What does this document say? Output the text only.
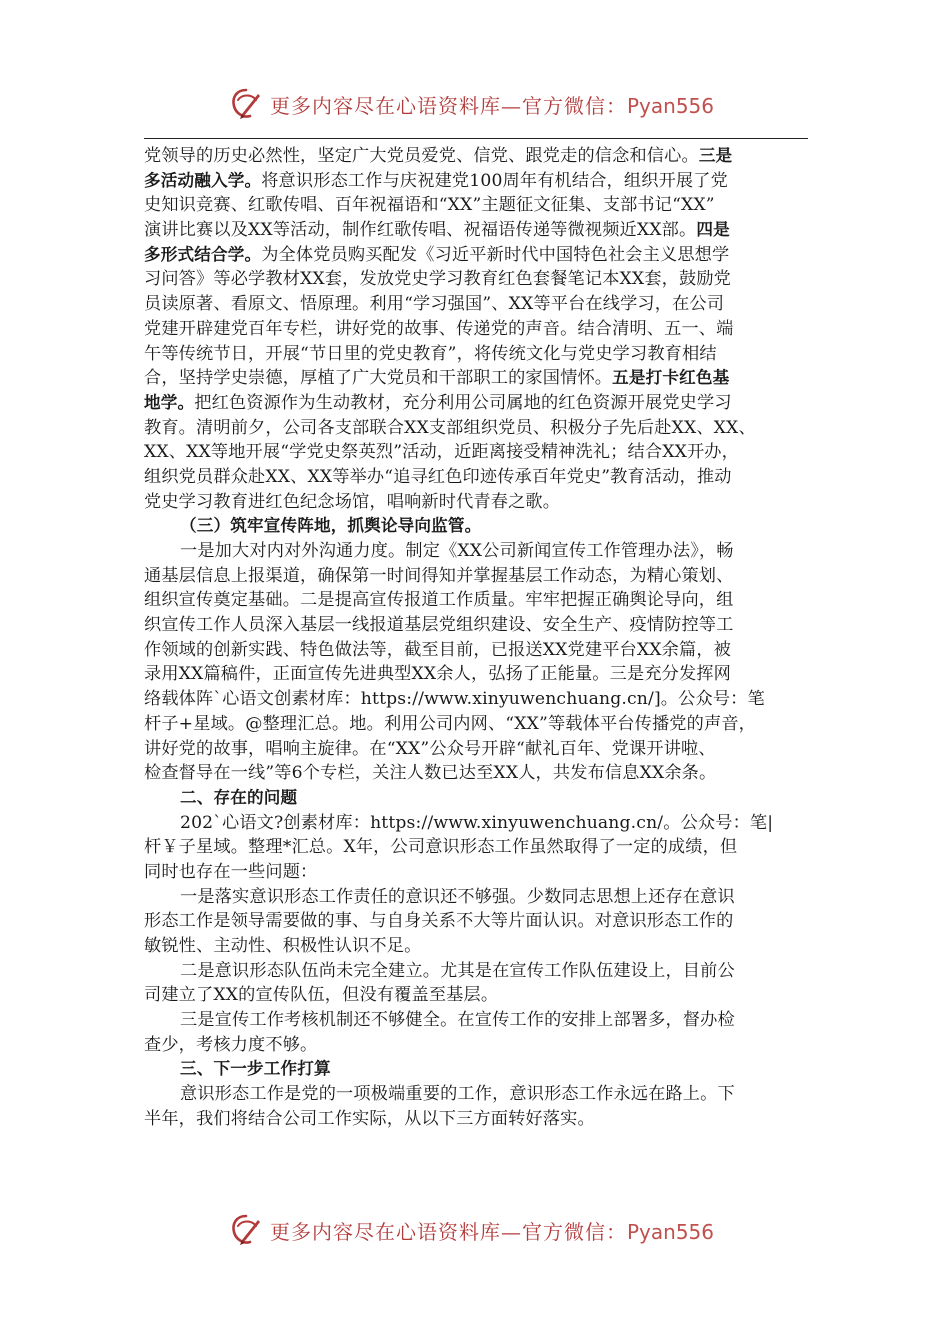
更多内容尽在心语资料库—官方微信：Pyan556
党领导的历史必然性，坚定广大党员爱党、信党、跟党走的信念和信心。三是
多活动融入学。将意识形态工作与庆祝建党100周年有机结合，组织开展了党
史知识竞赛、红歌传唱、百年祝福语和“XX”主题征文征集、支部书记“XX”
演讲比赛以及XX等活动，制作红歌传唱、祝福语传递等微视频近XX部。四是
多形式结合学。为全体党员购买配发《习近平新时代中国特色社会主义思想学
习问答》等必学教材XX套，发放党史学习教育红色套餐笔记本XX套，鼓励党
员读原著、看原文、悟原理。利用“学习强国”、XX等平台在线学习，在公司
党建开辟建党百年专栏，讲好党的故事、传递党的声音。结合清明、五一、端
午等传统节日，开展“节日里的党史教育”，将传统文化与党史学习教育相结
合，坚持学史崇德，厚植了广大党员和干部职工的家国情怀。五是打卡红色基
地学。把红色资源作为生动教材，充分利用公司属地的红色资源开展党史学习
教育。清明前夕，公司各支部联合XX支部组织党员、积极分子先后赴XX、XX、
XX、XX等地开展“学党史祭英烈”活动，近距离接受精神洗礼；结合XX开办，
组织党员群众赴XX、XX等举办“追寻红色印迹传承百年党史”教育活动，推动
党史学习教育进红色纪念场馆，唱响新时代青春之歌。
（三）筑牢宣传阵地，抓舆论导向监管。
一是加大对内对外沟通力度。制定《XX公司新闻宣传工作管理办法》，畅
通基层信息上报渠道，确保第一时间得知并掌握基层工作动态，为精心策划、
组织宣传奠定基础。二是提高宣传报道工作质量。牢牢把握正确舆论导向，组
织宣传工作人员深入基层一线报道基层党组织建设、安全生产、疫情防控等工
作领域的创新实践、特色做法等，截至目前，已报送XX党建平台XX余篇，被
录用XX篇稿件，正面宣传先进典型XX余人，弘扬了正能量。三是充分发挥网
络载体阵`心语文创素材库：https://www.xinyuwenchuang.cn/]。公众号：笔
杆子+星域。@整理汇总。地。利用公司内网、“XX”等载体平台传播党的声音，
讲好党的故事，唱响主旋律。在“XX”公众号开辟“献礼百年、党课开讲啦、
检查督导在一线”等6个专栏，关注人数已达至XX人，共发布信息XX余条。
二、存在的问题
202`心语文?创素材库：https://www.xinyuwenchuang.cn/。公众号：笔|
杆￥子星域。整理*汇总。X年，公司意识形态工作虽然取得了一定的成绩，但
同时也存在一些问题：
一是落实意识形态工作责任的意识还不够强。少数同志思想上还存在意识
形态工作是领导需要做的事、与自身关系不大等片面认识。对意识形态工作的
敏锐性、主动性、积极性认识不足。
二是意识形态队伍尚未完全建立。尤其是在宣传工作队伍建设上，目前公
司建立了XX的宣传队伍，但没有覆盖至基层。
三是宣传工作考核机制还不够健全。在宣传工作的安排上部署多，督办检
查少，考核力度不够。
三、下一步工作打算
意识形态工作是党的一项极端重要的工作，意识形态工作永远在路上。下
半年，我们将结合公司工作实际，从以下三方面转好落实。
更多内容尽在心语资料库—官方微信：Pyan556
